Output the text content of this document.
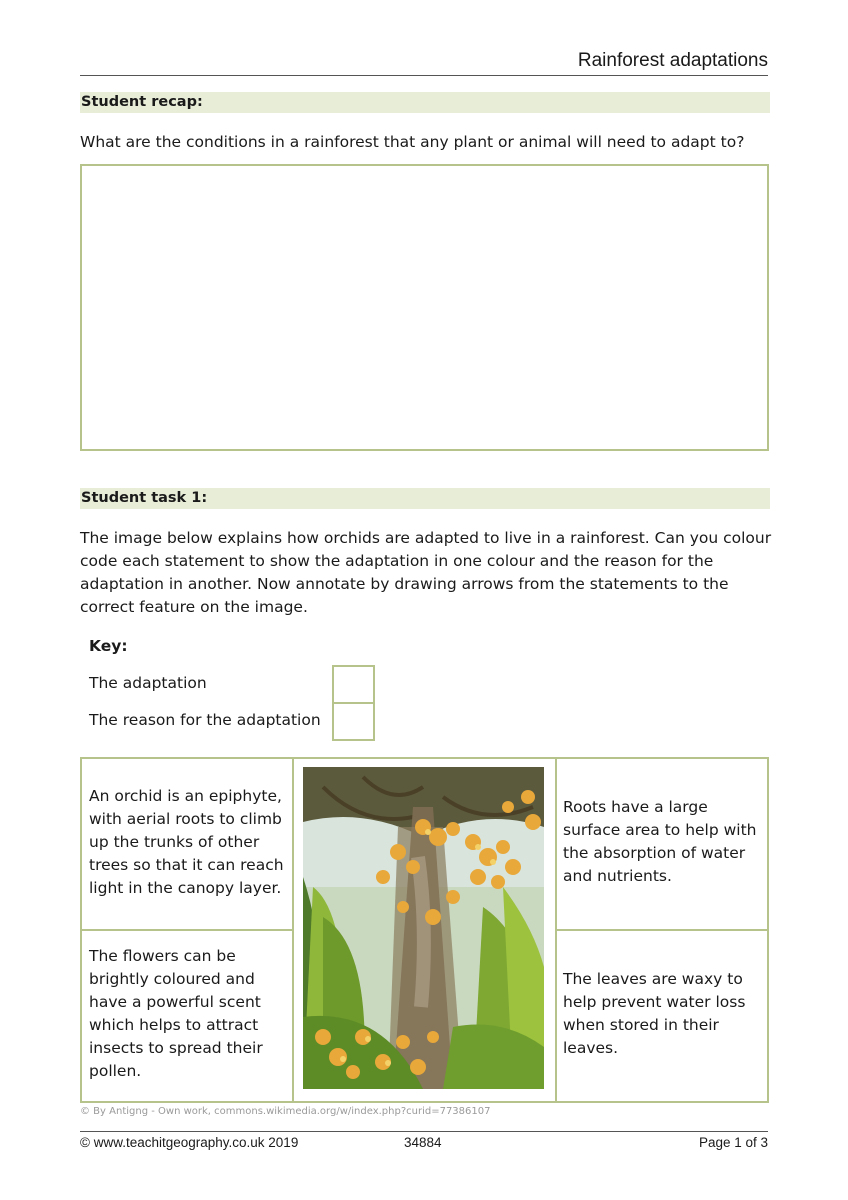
Rainforest adaptations
Student recap:
What are the conditions in a rainforest that any plant or animal will need to adapt to?
Student task 1:
The image below explains how orchids are adapted to live in a rainforest. Can you colour
code each statement to show the adaptation in one colour and the reason for the
adaptation in another. Now annotate by drawing arrows from the statements to the
correct feature on the image.
Key:
The adaptation
The reason for the adaptation
An orchid is an epiphyte,
with aerial roots to climb
up the trunks of other
trees so that it can reach
light in the canopy layer.
The flowers can be
brightly coloured and
have a powerful scent
which helps to attract
insects to spread their
pollen.
Roots have a large
surface area to help with
the absorption of water
and nutrients.
The leaves are waxy to
help prevent water loss
when stored in their
leaves.
© By Antigng - Own work, commons.wikimedia.org/w/index.php?curid=77386107
© www.teachitgeography.co.uk 2019	34884	Page 1 of 3
